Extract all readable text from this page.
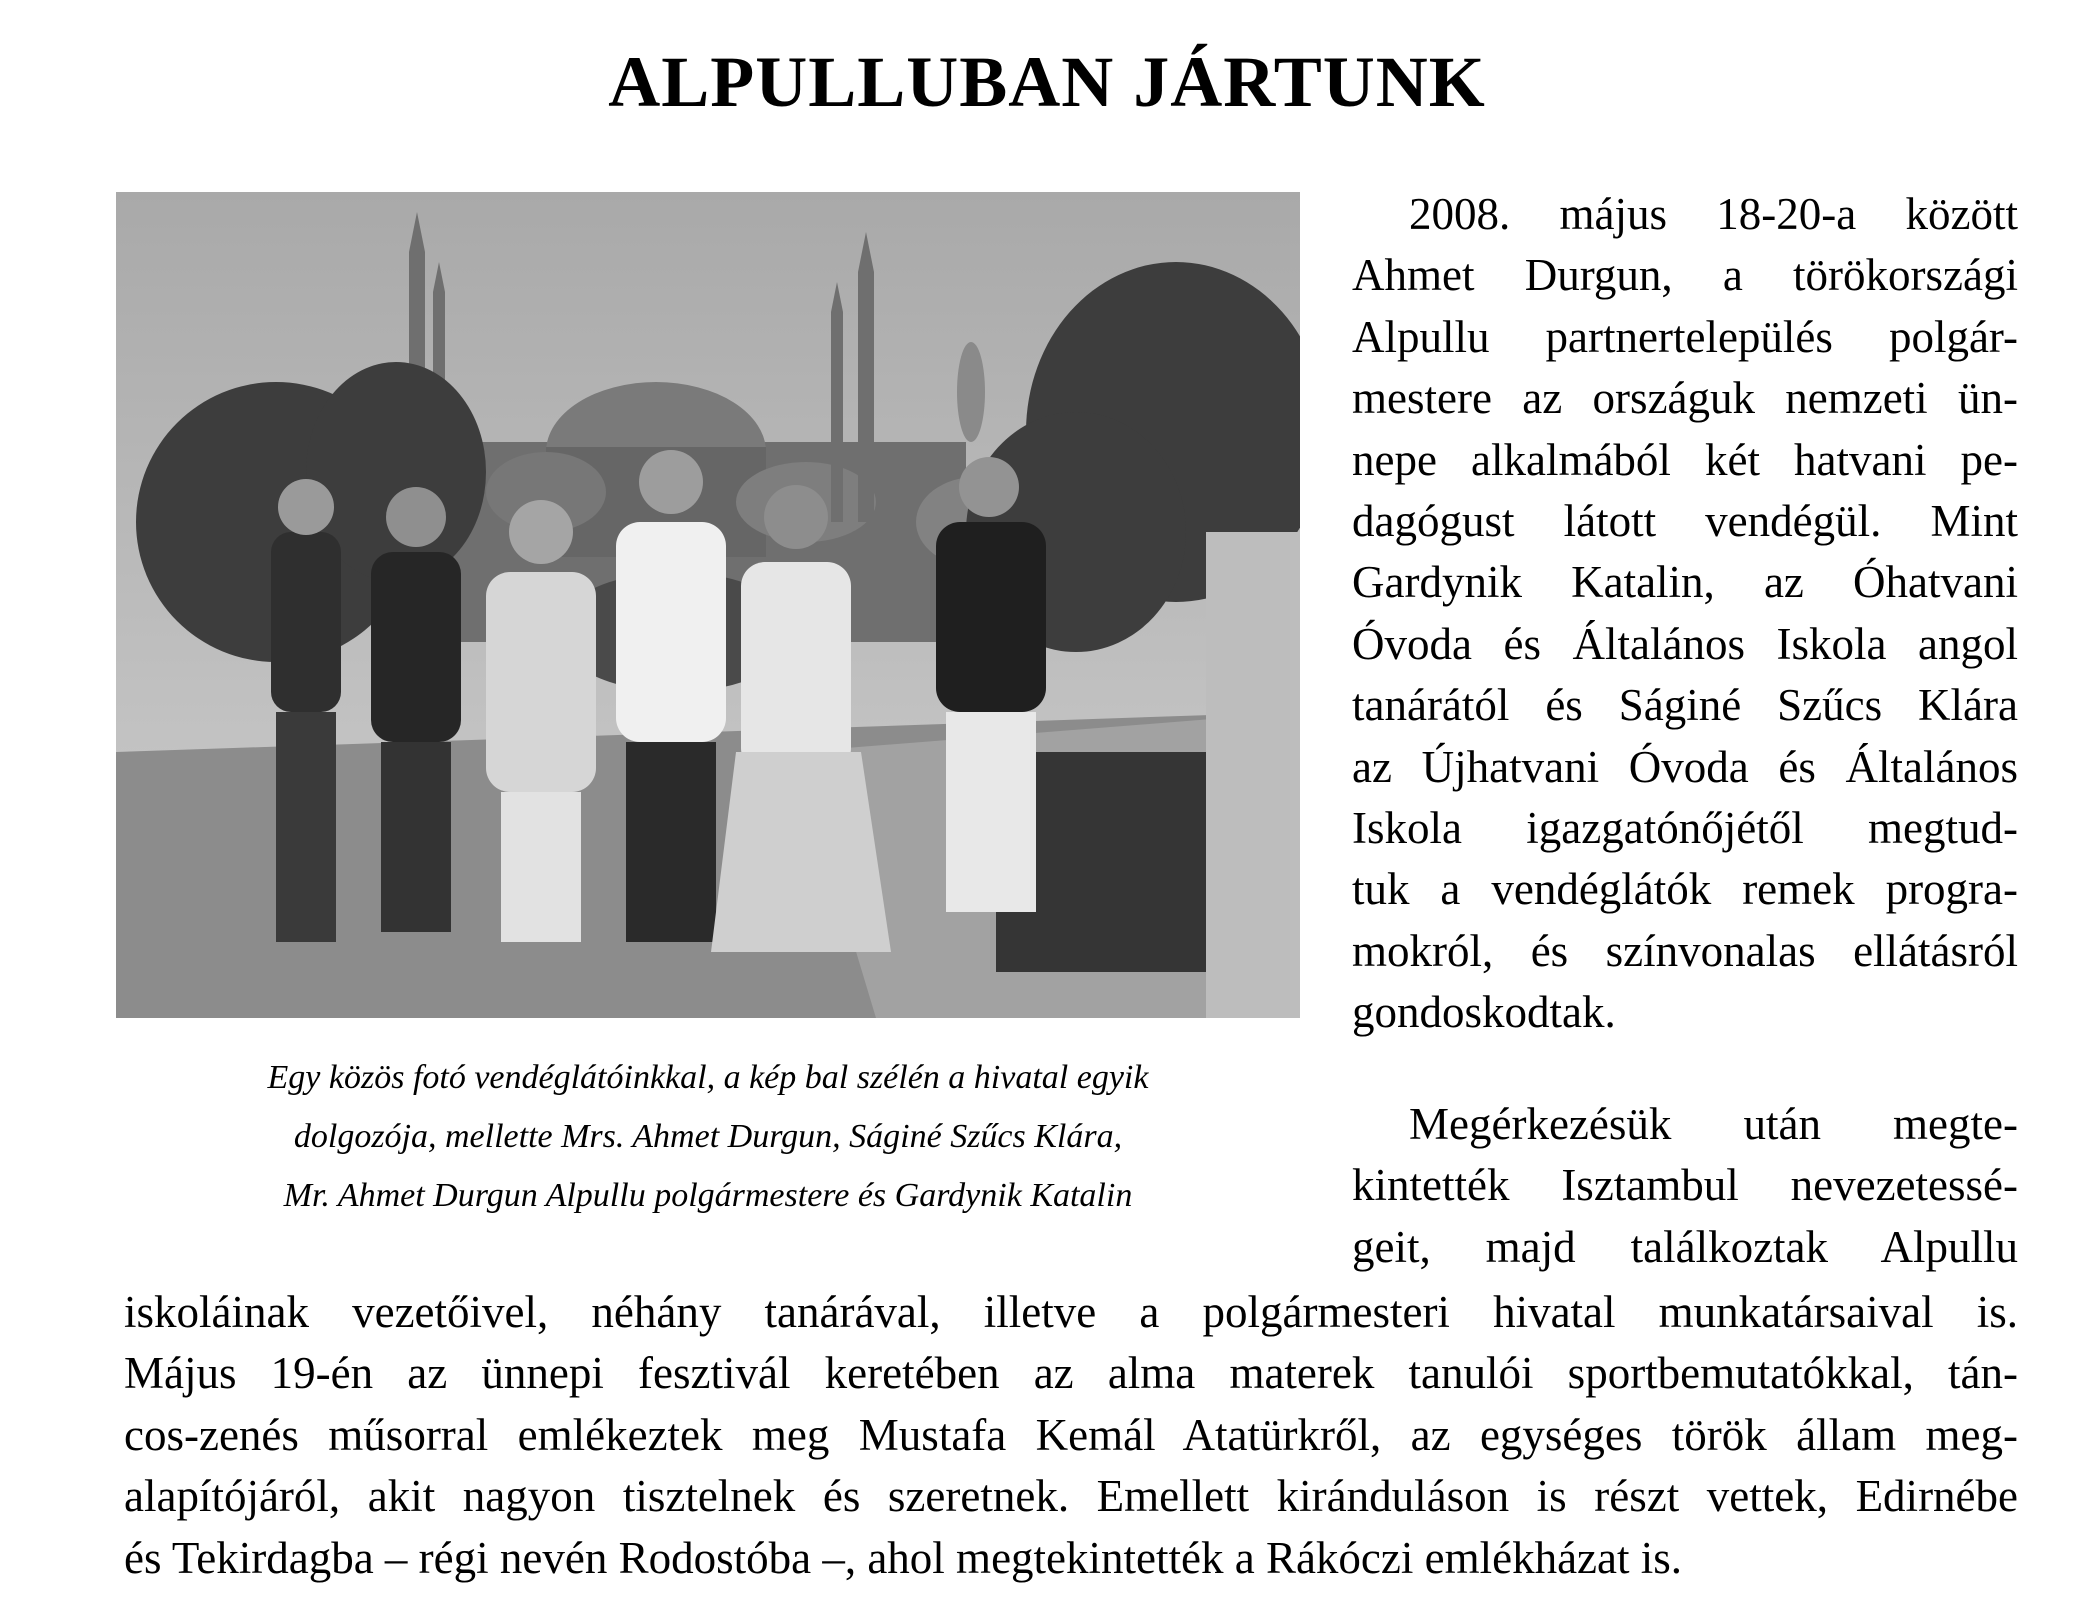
ALPULLUBAN JÁRTUNK
Egy közös fotó vendéglátóinkkal, a kép bal szélén a hivatal egyik
dolgozója, mellette Mrs. Ahmet Durgun, Ságiné Szűcs Klára,
Mr. Ahmet Durgun Alpullu polgármestere és Gardynik Katalin
2008. május 18-20-a között
Ahmet Durgun, a törökországi
Alpullu partnertelepülés polgár-
mestere az országuk nemzeti ün-
nepe alkalmából két hatvani pe-
dagógust látott vendégül. Mint
Gardynik Katalin, az Óhatvani
Óvoda és Általános Iskola angol
tanárától és Ságiné Szűcs Klára
az Újhatvani Óvoda és Általános
Iskola igazgatónőjétől megtud-
tuk a vendéglátók remek progra-
mokról, és színvonalas ellátásról
gondoskodtak.
Megérkezésük után megte-
kintették Isztambul nevezetessé-
geit, majd találkoztak Alpullu
iskoláinak vezetőivel, néhány tanárával, illetve a polgármesteri hivatal munkatársaival is.
Május 19-én az ünnepi fesztivál keretében az alma materek tanulói sportbemutatókkal, tán-
cos-zenés műsorral emlékeztek meg Mustafa Kemál Atatürkről, az egységes török állam meg-
alapítójáról, akit nagyon tisztelnek és szeretnek. Emellett kiránduláson is részt vettek, Edirnébe
és Tekirdagba – régi nevén Rodostóba –, ahol megtekintették a Rákóczi emlékházat is.
